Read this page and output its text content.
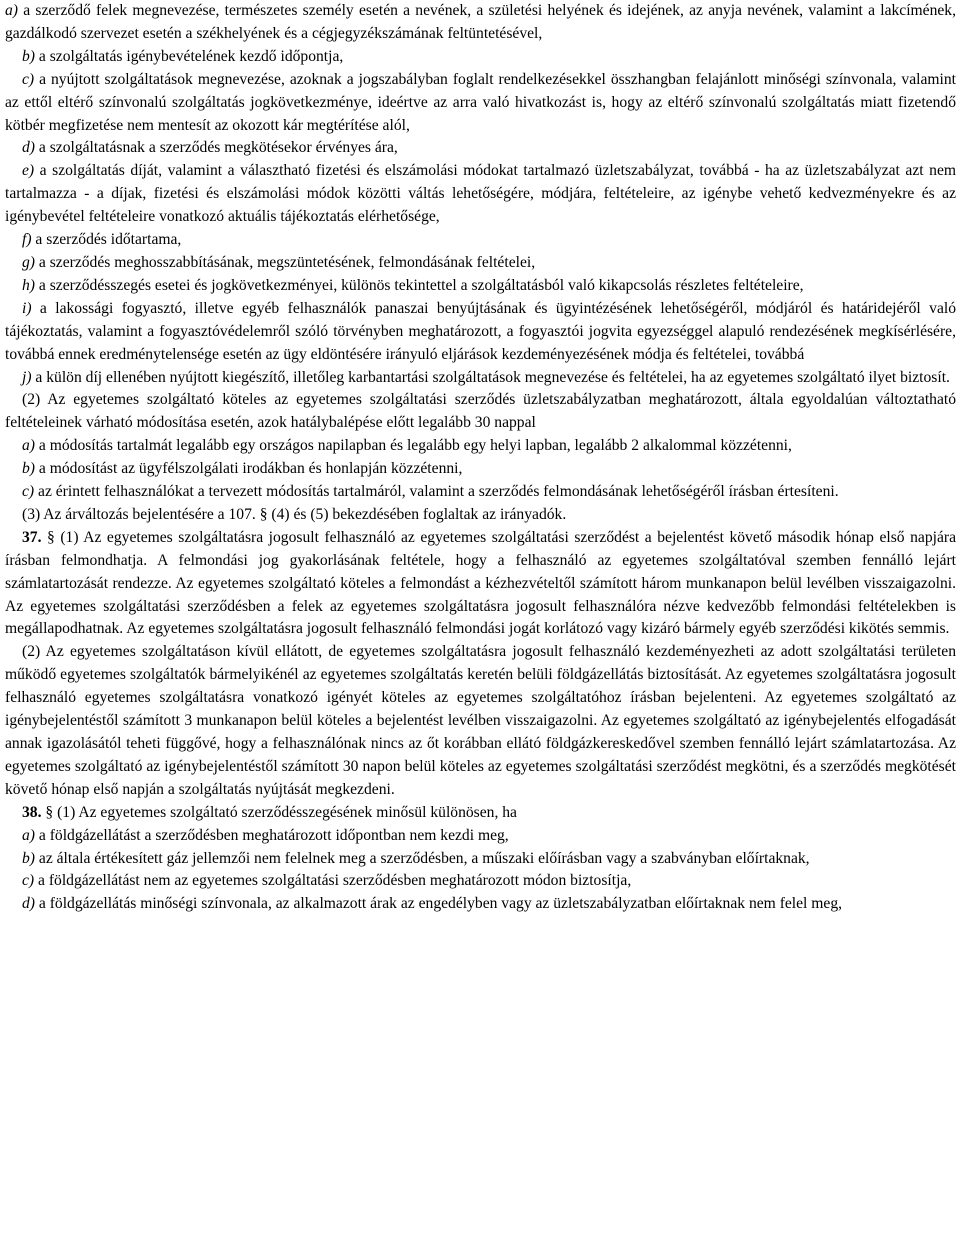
a) a szerződő felek megnevezése, természetes személy esetén a nevének, a születési helyének és idejének, az anyja nevének, valamint a lakcímének, gazdálkodó szervezet esetén a székhelyének és a cégjegyzékszámának feltüntetésével,

b) a szolgáltatás igénybevételének kezdő időpontja,

c) a nyújtott szolgáltatások megnevezése, azoknak a jogszabályban foglalt rendelkezésekkel összhangban felajánlott minőségi színvonala, valamint az ettől eltérő színvonalú szolgáltatás jogkövetkezménye, ideértve az arra való hivatkozást is, hogy az eltérő színvonalú szolgáltatás miatt fizetendő kötbér megfizetése nem mentesít az okozott kár megtérítése alól,

d) a szolgáltatásnak a szerződés megkötésekor érvényes ára,

e) a szolgáltatás díját, valamint a választható fizetési és elszámolási módokat tartalmazó üzletszabályzat, továbbá - ha az üzletszabályzat azt nem tartalmazza - a díjak, fizetési és elszámolási módok közötti váltás lehetőségére, módjára, feltételeire, az igénybe vehető kedvezményekre és az igénybevétel feltételeire vonatkozó aktuális tájékoztatás elérhetősége,

f) a szerződés időtartama,

g) a szerződés meghosszabbításának, megszüntetésének, felmondásának feltételei,

h) a szerződésszegés esetei és jogkövetkezményei, különös tekintettel a szolgáltatásból való kikapcsolás részletes feltételeire,

i) a lakossági fogyasztó, illetve egyéb felhasználók panaszai benyújtásának és ügyintézésének lehetőségéről, módjáról és határidejéről való tájékoztatás, valamint a fogyasztóvédelemről szóló törvényben meghatározott, a fogyasztói jogvita egyezséggel alapuló rendezésének megkísérlésére, továbbá ennek eredménytelensége esetén az ügy eldöntésére irányuló eljárások kezdeményezésének módja és feltételei, továbbá

j) a külön díj ellenében nyújtott kiegészítő, illetőleg karbantartási szolgáltatások megnevezése és feltételei, ha az egyetemes szolgáltató ilyet biztosít.

(2) Az egyetemes szolgáltató köteles az egyetemes szolgáltatási szerződés üzletszabályzatban meghatározott, általa egyoldalúan változtatható feltételeinek várható módosítása esetén, azok hatálybalépése előtt legalább 30 nappal

a) a módosítás tartalmát legalább egy országos napilapban és legalább egy helyi lapban, legalább 2 alkalommal közzétenni,

b) a módosítást az ügyfélszolgálati irodákban és honlapján közzétenni,

c) az érintett felhasználókat a tervezett módosítás tartalmáról, valamint a szerződés felmondásának lehetőségéről írásban értesíteni.

(3) Az árváltozás bejelentésére a 107. § (4) és (5) bekezdésében foglaltak az irányadók.

37. § (1) Az egyetemes szolgáltatásra jogosult felhasználó az egyetemes szolgáltatási szerződést a bejelentést követő második hónap első napjára írásban felmondhatja. A felmondási jog gyakorlásának feltétele, hogy a felhasználó az egyetemes szolgáltatóval szemben fennálló lejárt számlatartozását rendezze. Az egyetemes szolgáltató köteles a felmondást a kézhezvételtől számított három munkanapon belül levélben visszaigazolni. Az egyetemes szolgáltatási szerződésben a felek az egyetemes szolgáltatásra jogosult felhasználóra nézve kedvezőbb felmondási feltételekben is megállapodhatnak. Az egyetemes szolgáltatásra jogosult felhasználó felmondási jogát korlátozó vagy kizáró bármely egyéb szerződési kikötés semmis.

(2) Az egyetemes szolgáltatáson kívül ellátott, de egyetemes szolgáltatásra jogosult felhasználó kezdeményezheti az adott szolgáltatási területen működő egyetemes szolgáltatók bármelyikénél az egyetemes szolgáltatás keretén belüli földgázellátás biztosítását. Az egyetemes szolgáltatásra jogosult felhasználó egyetemes szolgáltatásra vonatkozó igényét köteles az egyetemes szolgáltatóhoz írásban bejelenteni. Az egyetemes szolgáltató az igénybejelentéstől számított 3 munkanapon belül köteles a bejelentést levélben visszaigazolni. Az egyetemes szolgáltató az igénybejelentés elfogadását annak igazolásától teheti függővé, hogy a felhasználónak nincs az őt korábban ellátó földgázkereskedővel szemben fennálló lejárt számlatartozása. Az egyetemes szolgáltató az igénybejelentéstől számított 30 napon belül köteles az egyetemes szolgáltatási szerződést megkötni, és a szerződés megkötését követő hónap első napján a szolgáltatás nyújtását megkezdeni.

38. § (1) Az egyetemes szolgáltató szerződésszegésének minősül különösen, ha

a) a földgázellátást a szerződésben meghatározott időpontban nem kezdi meg,

b) az általa értékesített gáz jellemzői nem felelnek meg a szerződésben, a műszaki előírásban vagy a szabványban előírtaknak,

c) a földgázellátást nem az egyetemes szolgáltatási szerződésben meghatározott módon biztosítja,

d) a földgázellátás minőségi színvonala, az alkalmazott árak az engedélyben vagy az üzletszabályzatban előírtaknak nem felel meg,
